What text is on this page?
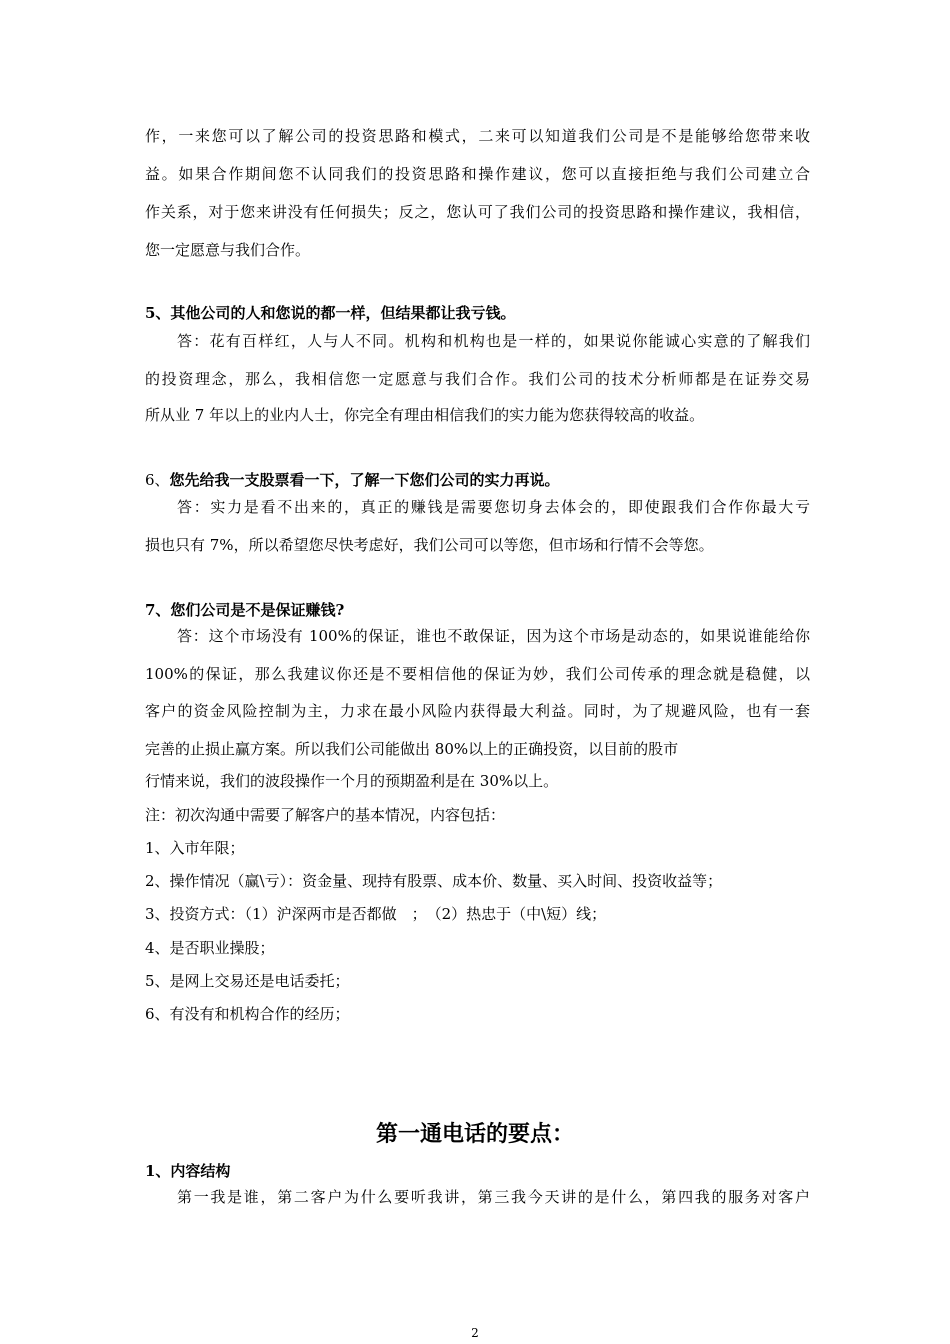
作，一来您可以了解公司的投资思路和模式，二来可以知道我们公司是不是能够给您带来收
益。如果合作期间您不认同我们的投资思路和操作建议，您可以直接拒绝与我们公司建立合
作关系，对于您来讲没有任何损失；反之，您认可了我们公司的投资思路和操作建议，我相信，
您一定愿意与我们合作。
5、其他公司的人和您说的都一样，但结果都让我亏钱。
答：花有百样红，人与人不同。机构和机构也是一样的，如果说你能诚心实意的了解我们
的投资理念，那么，我相信您一定愿意与我们合作。我们公司的技术分析师都是在证券交易
所从业 7 年以上的业内人士，你完全有理由相信我们的实力能为您获得较高的收益。
6、您先给我一支股票看一下，了解一下您们公司的实力再说。
答：实力是看不出来的，真正的赚钱是需要您切身去体会的，即使跟我们合作你最大亏
损也只有 7%，所以希望您尽快考虑好，我们公司可以等您，但市场和行情不会等您。
7、您们公司是不是保证赚钱?
答：这个市场没有 100%的保证，谁也不敢保证，因为这个市场是动态的，如果说谁能给你
100%的保证，那么我建议你还是不要相信他的保证为妙，我们公司传承的理念就是稳健，以
客户的资金风险控制为主，力求在最小风险内获得最大利益。同时，为了规避风险，也有一套
完善的止损止赢方案。所以我们公司能做出 80%以上的正确投资，以目前的股市
行情来说，我们的波段操作一个月的预期盈利是在 30%以上。
注：初次沟通中需要了解客户的基本情况，内容包括：
1、入市年限；
2、操作情况（赢\亏）：资金量、现持有股票、成本价、数量、买入时间、投资收益等；
3、投资方式：（1）沪深两市是否都做　；　（2）热忠于（中\短）线；
4、是否职业操股；
5、是网上交易还是电话委托；
6、有没有和机构合作的经历；
第一通电话的要点：
1、内容结构
第一我是谁，第二客户为什么要听我讲，第三我今天讲的是什么，第四我的服务对客户
2
